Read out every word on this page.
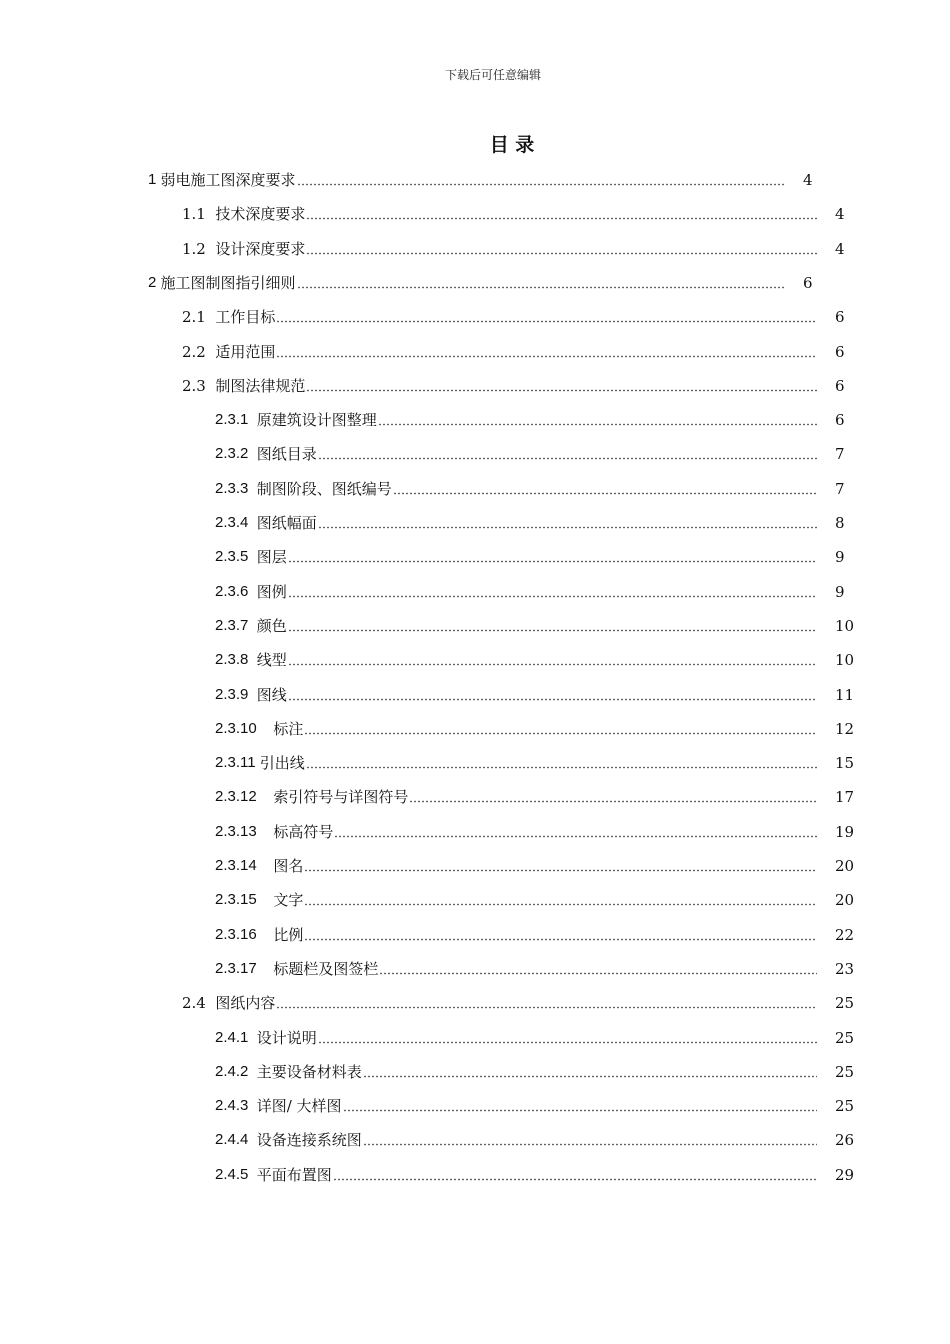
下载后可任意编辑
目 录
1 弱电施工图深度要求	4
1.1 技术深度要求	4
1.2 设计深度要求	4
2 施工图制图指引细则	6
2.1 工作目标	6
2.2 适用范围	6
2.3 制图法律规范	6
2.3.1 原建筑设计图整理	6
2.3.2 图纸目录	7
2.3.3 制图阶段、图纸编号	7
2.3.4 图纸幅面	8
2.3.5 图层	9
2.3.6 图例	9
2.3.7 颜色	10
2.3.8 线型	10
2.3.9 图线	11
2.3.10 标注	12
2.3.11 引出线	15
2.3.12 索引符号与详图符号	17
2.3.13 标高符号	19
2.3.14 图名	20
2.3.15 文字	20
2.3.16 比例	22
2.3.17 标题栏及图签栏	23
2.4 图纸内容	25
2.4.1 设计说明	25
2.4.2 主要设备材料表	25
2.4.3 详图/ 大样图	25
2.4.4 设备连接系统图	26
2.4.5 平面布置图	29
